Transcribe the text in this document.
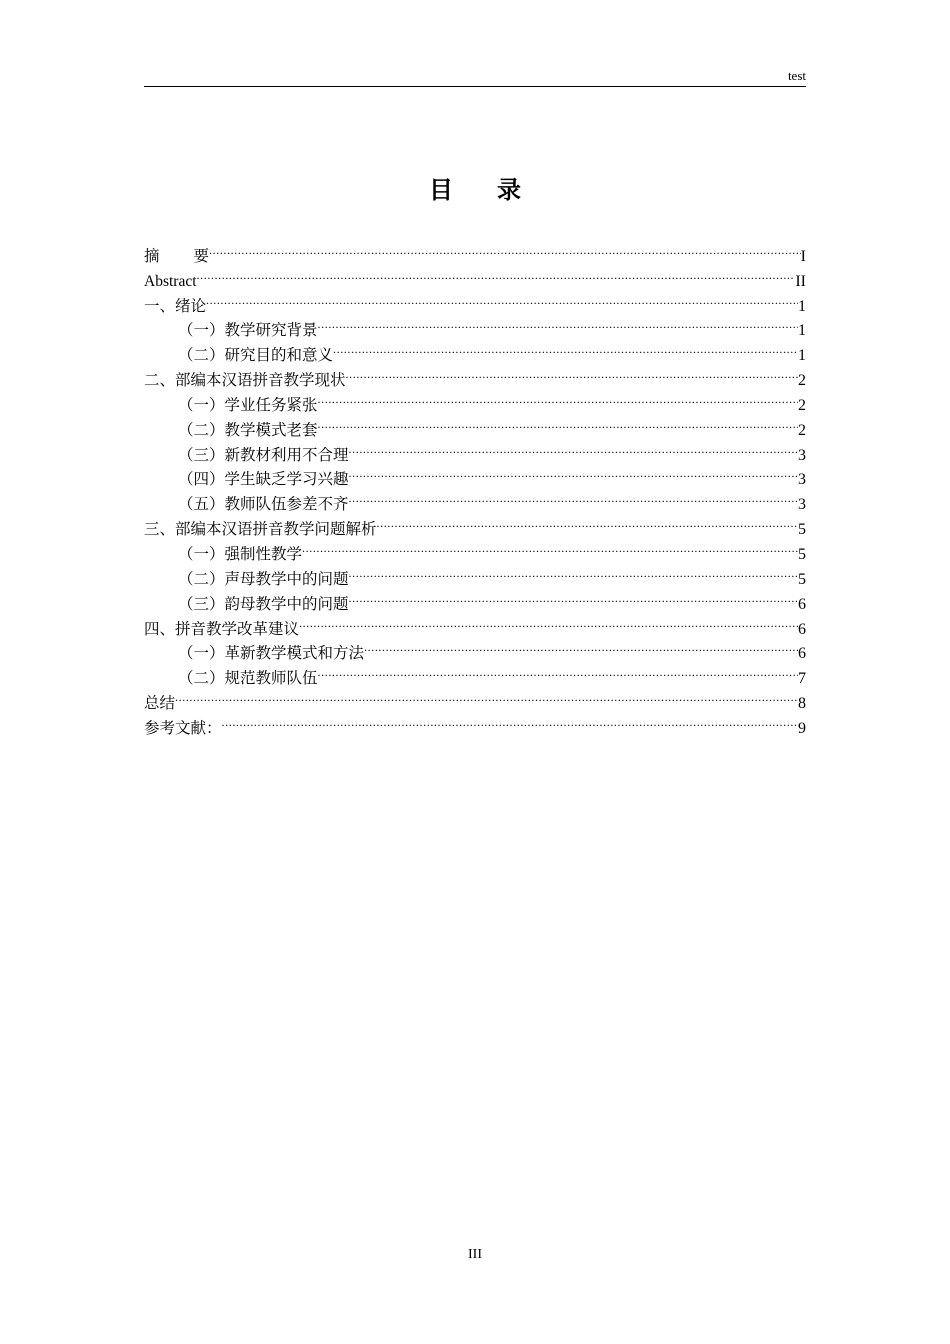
test
目录
摘要 .....	I
Abstract .....	II
一、绪论 .....	1
（一）教学研究背景 .....	1
（二）研究目的和意义 .....	1
二、部编本汉语拼音教学现状 .....	2
（一）学业任务紧张 .....	2
（二）教学模式老套 .....	2
（三）新教材利用不合理 .....	3
（四）学生缺乏学习兴趣 .....	3
（五）教师队伍参差不齐 .....	3
三、部编本汉语拼音教学问题解析 .....	5
（一）强制性教学 .....	5
（二）声母教学中的问题 .....	5
（三）韵母教学中的问题 .....	6
四、拼音教学改革建议 .....	6
（一）革新教学模式和方法 .....	6
（二）规范教师队伍 .....	7
总结 .....	8
参考文献： .....	9
III
